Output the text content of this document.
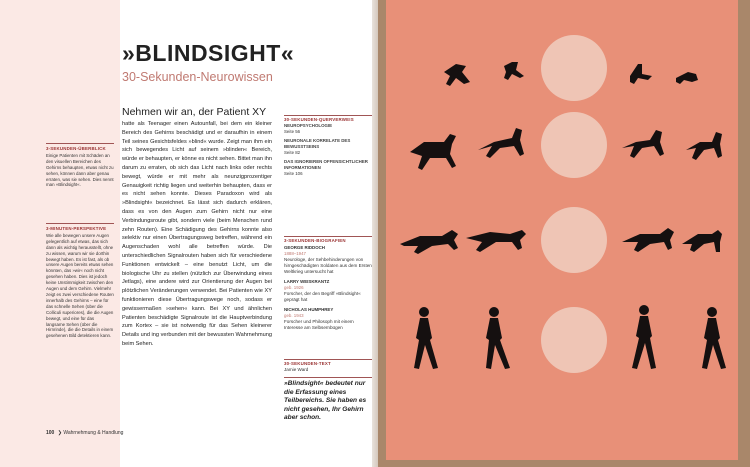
3-SEKUNDEN-ÜBERBLICK
Einige Patienten mit Schäden an den visuellen Bereichen des Gehirns behaupten, etwas nicht zu sehen, können dann aber genau erraten, was sie sehen. Dies nennt man »Blindsight«.
3-MINUTEN-PERSPEKTIVE
Wie alle bewegen unsere Augen gelegentlich auf etwas, das sich dann als wichtig herausstellt, ohne zu wissen, warum wir sie dorthin bewegt haben. Es ist fast, als ob unsere Augen bereits etwas sehen könnten, das »wir« noch nicht gesehen haben. Dies ist jedoch keine Unstimmigkeit zwischen den Augen und dem Gehirn. Vielmehr zeigt es zwei verschiedene Routen innerhalb des Gehirns – eine für das schnelle Sehen (über die Colliculi superiores), die die Augen bewegt, und eine für das langsame Sehen (über die Hirnrinde), die die Details in einem gesehenen Bild detektieren kann.
»BLINDSIGHT«
30-Sekunden-Neurowissen
Nehmen wir an, der Patient XY
hatte als Teenager einen Autounfall, bei dem ein kleiner Bereich des Gehirns beschädigt und er daraufhin in einem Teil seines Gesichtsfeldes »blind« wurde. Zeigt man ihm ein sich bewegendes Licht auf seinem »blinden« Bereich, würde er behaupten, er könne es nicht sehen. Bittet man ihn darum zu erraten, ob sich das Licht nach links oder rechts bewegt, würde er mit mehr als neunzigprozentiger Genauigkeit richtig liegen und weiterhin behaupten, dass er es nicht sehen konnte. Dieses Paradoxon wird als »Blindsight« bezeichnet. Es lässt sich dadurch erklären, dass es von den Augen zum Gehirn nicht nur eine Verbindungsroute gibt, sondern viele (beim Menschen rund zehn Routen). Eine Schädigung des Gehirns konnte also selektiv nur einen Übertragungsweg betreffen, während ein Augenschaden wohl alle betreffen würde. Die unterschiedlichen Signalrouten haben sich für verschiedene Funktionen entwickelt – eine benutzt Licht, um die biologische Uhr zu stellen (nützlich zur Überwindung eines Jetlags), eine andere wird zur Orientierung der Augen bei plötzlichen Veränderungen verwendet. Bei Patienten wie XY funktionieren diese Übertragungswege noch, sodass er gewissermaßen »sehen« kann. Bei XY und ähnlichen Patienten beschädigte Signalroute ist die Hauptverbindung zum Kortex – sie ist notwendig für das Sehen kleinerer Details und ing verbunden mit der bewussten Wahrnehmung beim Sehen.
30-SEKUNDEN-QUERVERWEIS
NEUROPSYCHOLOGIE
Seite 56
NEURONALE KORRELATE DES BEWUSSTSEINS
Seite 82
DAS IGNORIEREN OFFENSICHTLICHER INFORMATIONEN
Seite 106
3-SEKUNDEN-BIOGRAFIEN
GEORGE RIDDOCH
1888–1947
Neurologe, der Sehbehinderungen von hirngeschädigten Soldaten aus dem Ersten Weltkrieg untersucht hat
LARRY WEISKRANTZ
geb. 1926
Forscher, der den Begriff »Blindsight« geprägt hat
NICHOLAS HUMPHREY
geb. 1943
Forscher und Philosoph mit einem Interesse am Selbsernbügen
30-SEKUNDEN-TEXT
Jamie Ward
»Blindsight« bedeutet nur die Erfassung eines Teilbereichs. Sie haben es nicht gesehen, Ihr Gehirn aber schon.
100 ❯ Wahrnehmung & Handlung
